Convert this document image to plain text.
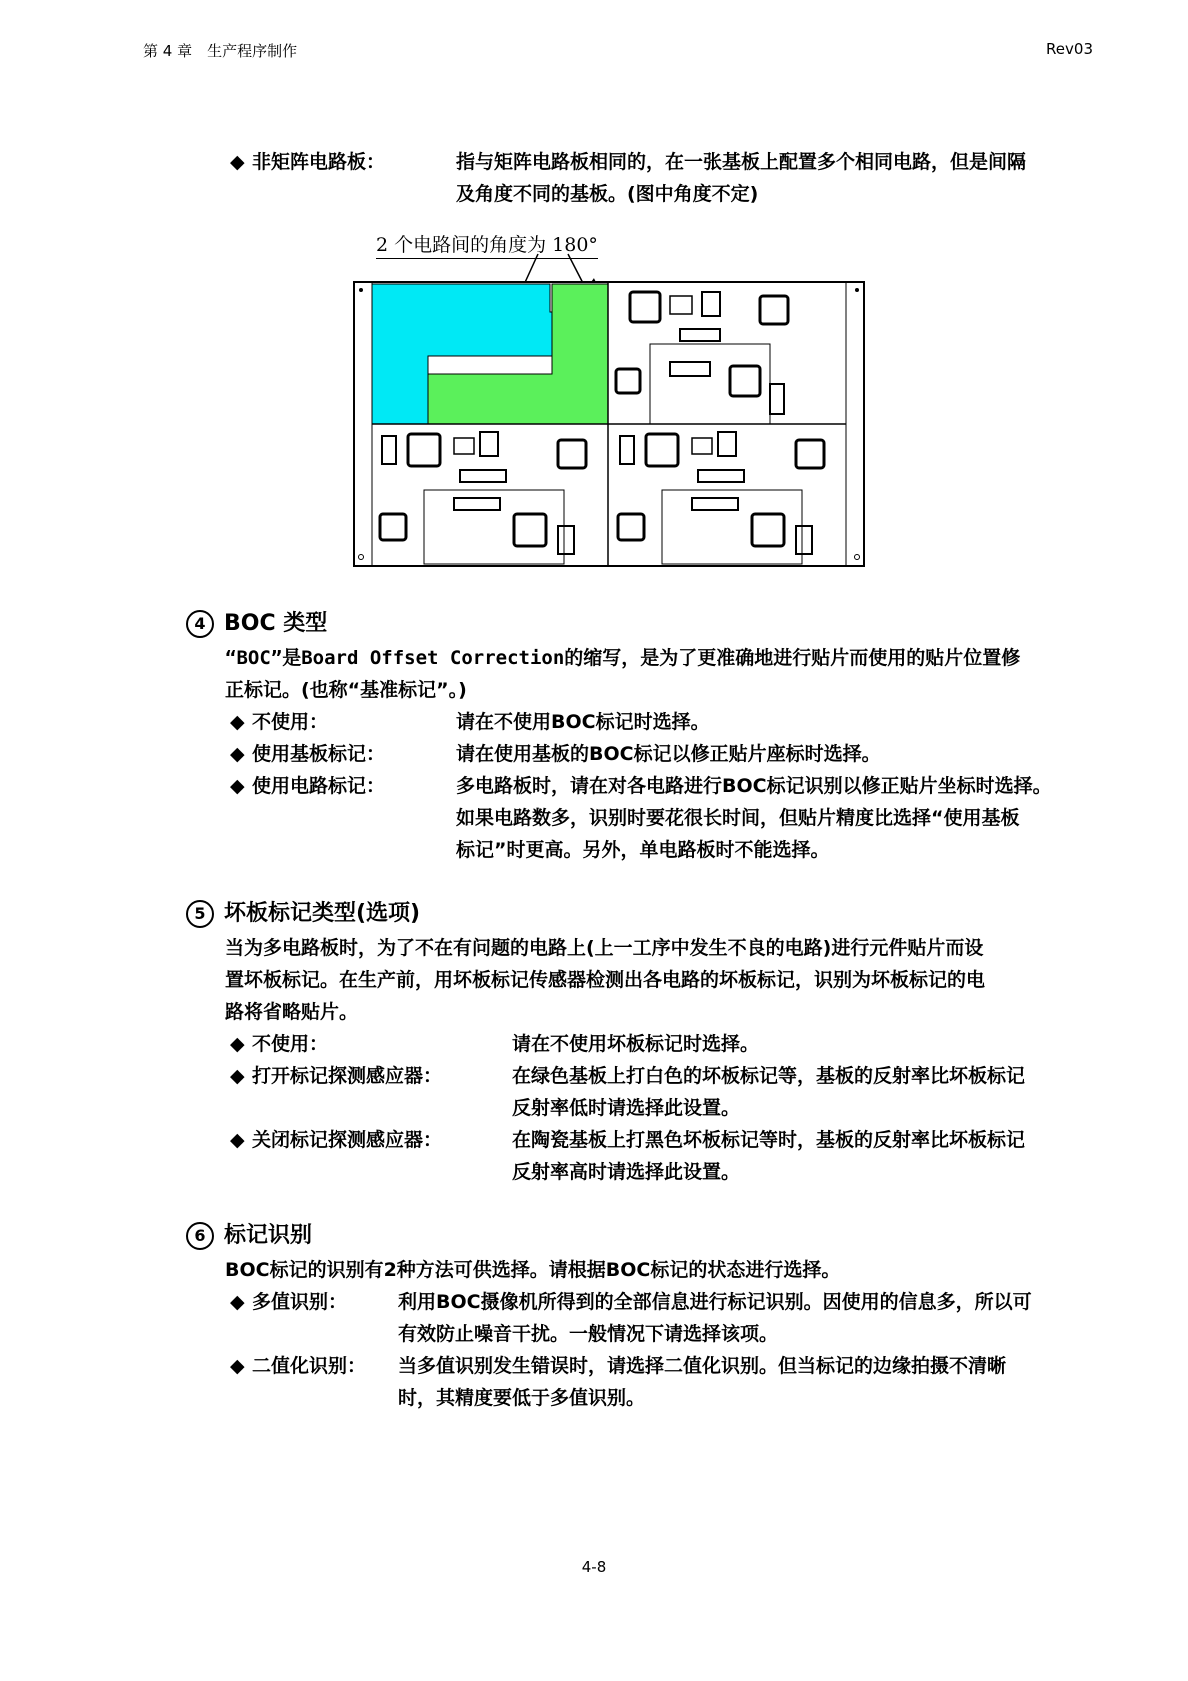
第 4 章　生产程序制作	Rev03
◆ 非矩阵电路板：	指与矩阵电路板相同的，在一张基板上配置多个相同电路，但是间隔
及角度不同的基板。(图中角度不定)
2 个电路间的角度为 180°
4 BOC 类型
“BOC”是Board Offset Correction的缩写，是为了更准确地进行贴片而使用的贴片位置修
正标记。(也称“基准标记”。)
◆ 不使用：	请在不使用BOC标记时选择。
◆ 使用基板标记：	请在使用基板的BOC标记以修正贴片座标时选择。
◆ 使用电路标记：	多电路板时，请在对各电路进行BOC标记识别以修正贴片坐标时选择。
如果电路数多，识别时要花很长时间，但贴片精度比选择“使用基板
标记”时更高。另外，单电路板时不能选择。
5 坏板标记类型(选项)
当为多电路板时，为了不在有问题的电路上(上一工序中发生不良的电路)进行元件贴片而设
置坏板标记。在生产前，用坏板标记传感器检测出各电路的坏板标记，识别为坏板标记的电
路将省略贴片。
◆ 不使用：	请在不使用坏板标记时选择。
◆ 打开标记探测感应器：	在绿色基板上打白色的坏板标记等，基板的反射率比坏板标记
反射率低时请选择此设置。
◆ 关闭标记探测感应器：	在陶瓷基板上打黑色坏板标记等时，基板的反射率比坏板标记
反射率高时请选择此设置。
6 标记识别
BOC标记的识别有2种方法可供选择。请根据BOC标记的状态进行选择。
◆ 多值识别：	利用BOC摄像机所得到的全部信息进行标记识别。因使用的信息多，所以可
有效防止噪音干扰。一般情况下请选择该项。
◆ 二值化识别： 当多值识别发生错误时，请选择二值化识别。但当标记的边缘拍摄不清晰
时，其精度要低于多值识别。
4-8
